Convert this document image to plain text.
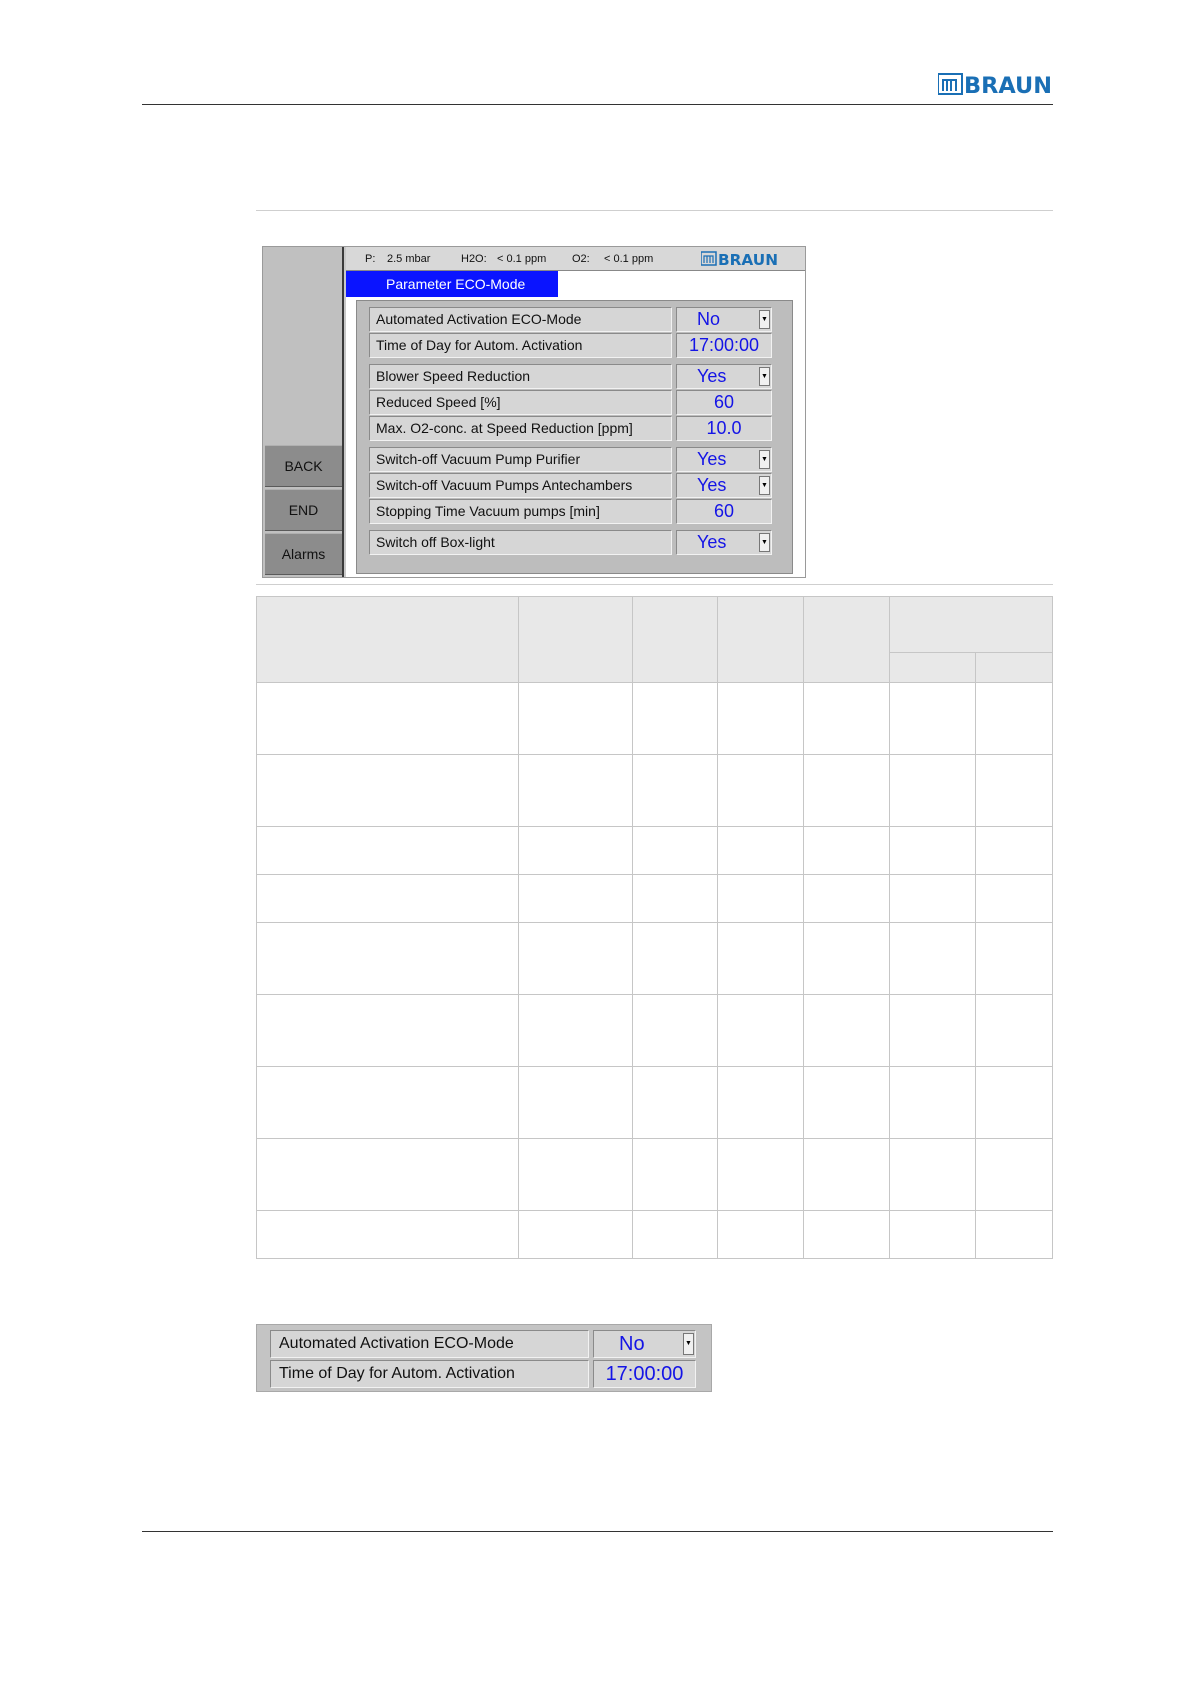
BRAUN
BACK
END
Alarms
P: 2.5 mbar	H2O: < 0.1 ppm O2: < 0.1 ppm	BRAUN
Parameter ECO-Mode
Automated Activation ECO-Mode	No	▼
Time of Day for Autom. Activation	17:00:00
Blower Speed Reduction	Yes	▼
Reduced Speed [%]	60
Max. O2-conc. at Speed Reduction [ppm]	10.0
Switch-off Vacuum Pump Purifier	Yes	▼
Switch-off Vacuum Pumps Antechambers	Yes	▼
Stopping Time Vacuum pumps [min]	60
Switch off Box-light	Yes	▼

Automated Activation ECO-Mode	No	▼
Time of Day for Autom. Activation	17:00:00
